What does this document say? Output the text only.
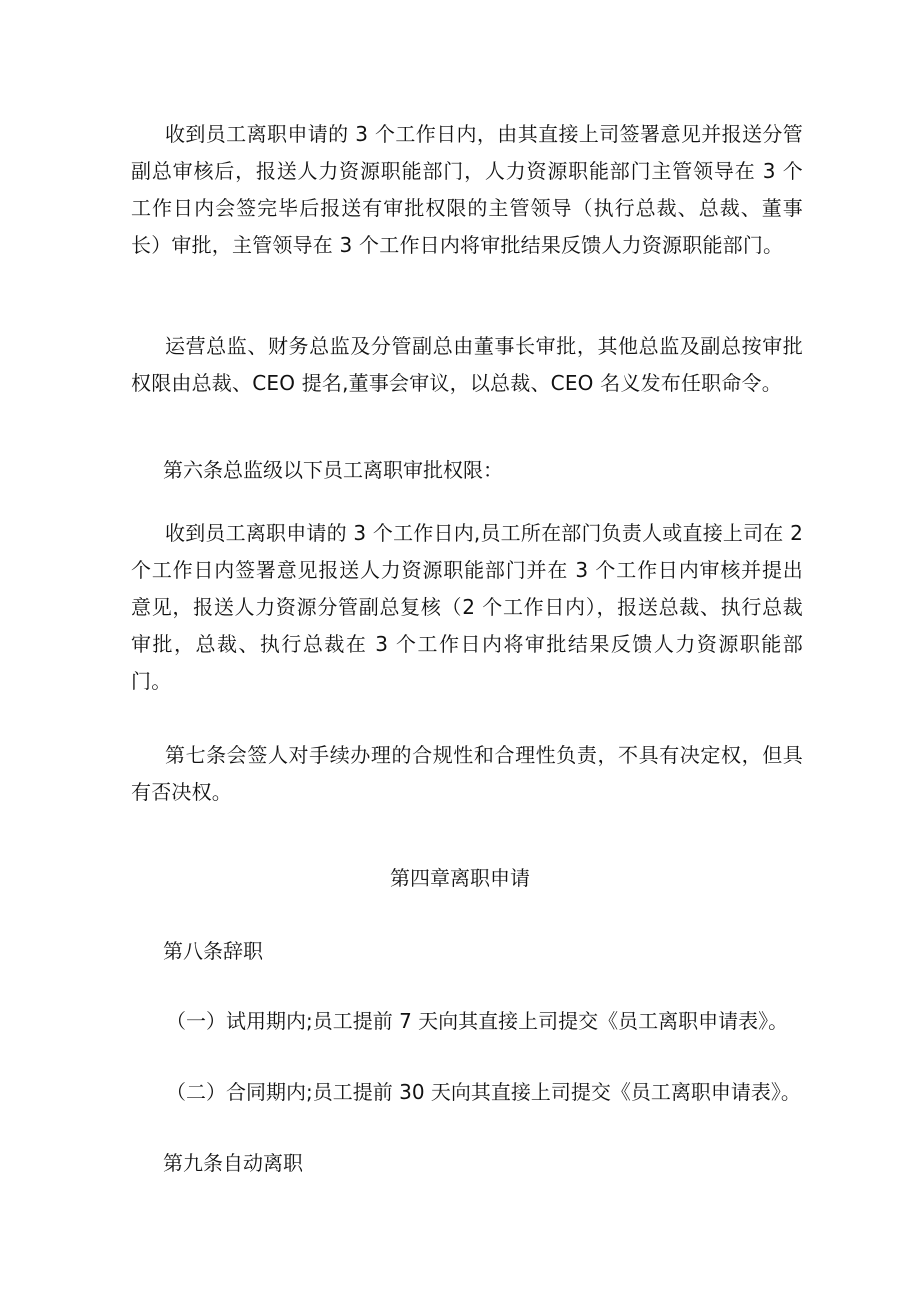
收到员工离职申请的 3 个工作日内，由其直接上司签署意见并报送分管副总审核后，报送人力资源职能部门，人力资源职能部门主管领导在 3 个工作日内会签完毕后报送有审批权限的主管领导（执行总裁、总裁、董事长）审批，主管领导在 3 个工作日内将审批结果反馈人力资源职能部门。

运营总监、财务总监及分管副总由董事长审批，其他总监及副总按审批权限由总裁、CEO 提名,董事会审议，以总裁、CEO 名义发布任职命令。

第六条总监级以下员工离职审批权限：

收到员工离职申请的 3 个工作日内,员工所在部门负责人或直接上司在 2 个工作日内签署意见报送人力资源职能部门并在 3 个工作日内审核并提出意见，报送人力资源分管副总复核（2 个工作日内），报送总裁、执行总裁审批，总裁、执行总裁在 3 个工作日内将审批结果反馈人力资源职能部门。

第七条会签人对手续办理的合规性和合理性负责，不具有决定权，但具有否决权。

第四章离职申请

第八条辞职

（一）试用期内;员工提前 7 天向其直接上司提交《员工离职申请表》。

（二）合同期内;员工提前 30 天向其直接上司提交《员工离职申请表》。

第九条自动离职
